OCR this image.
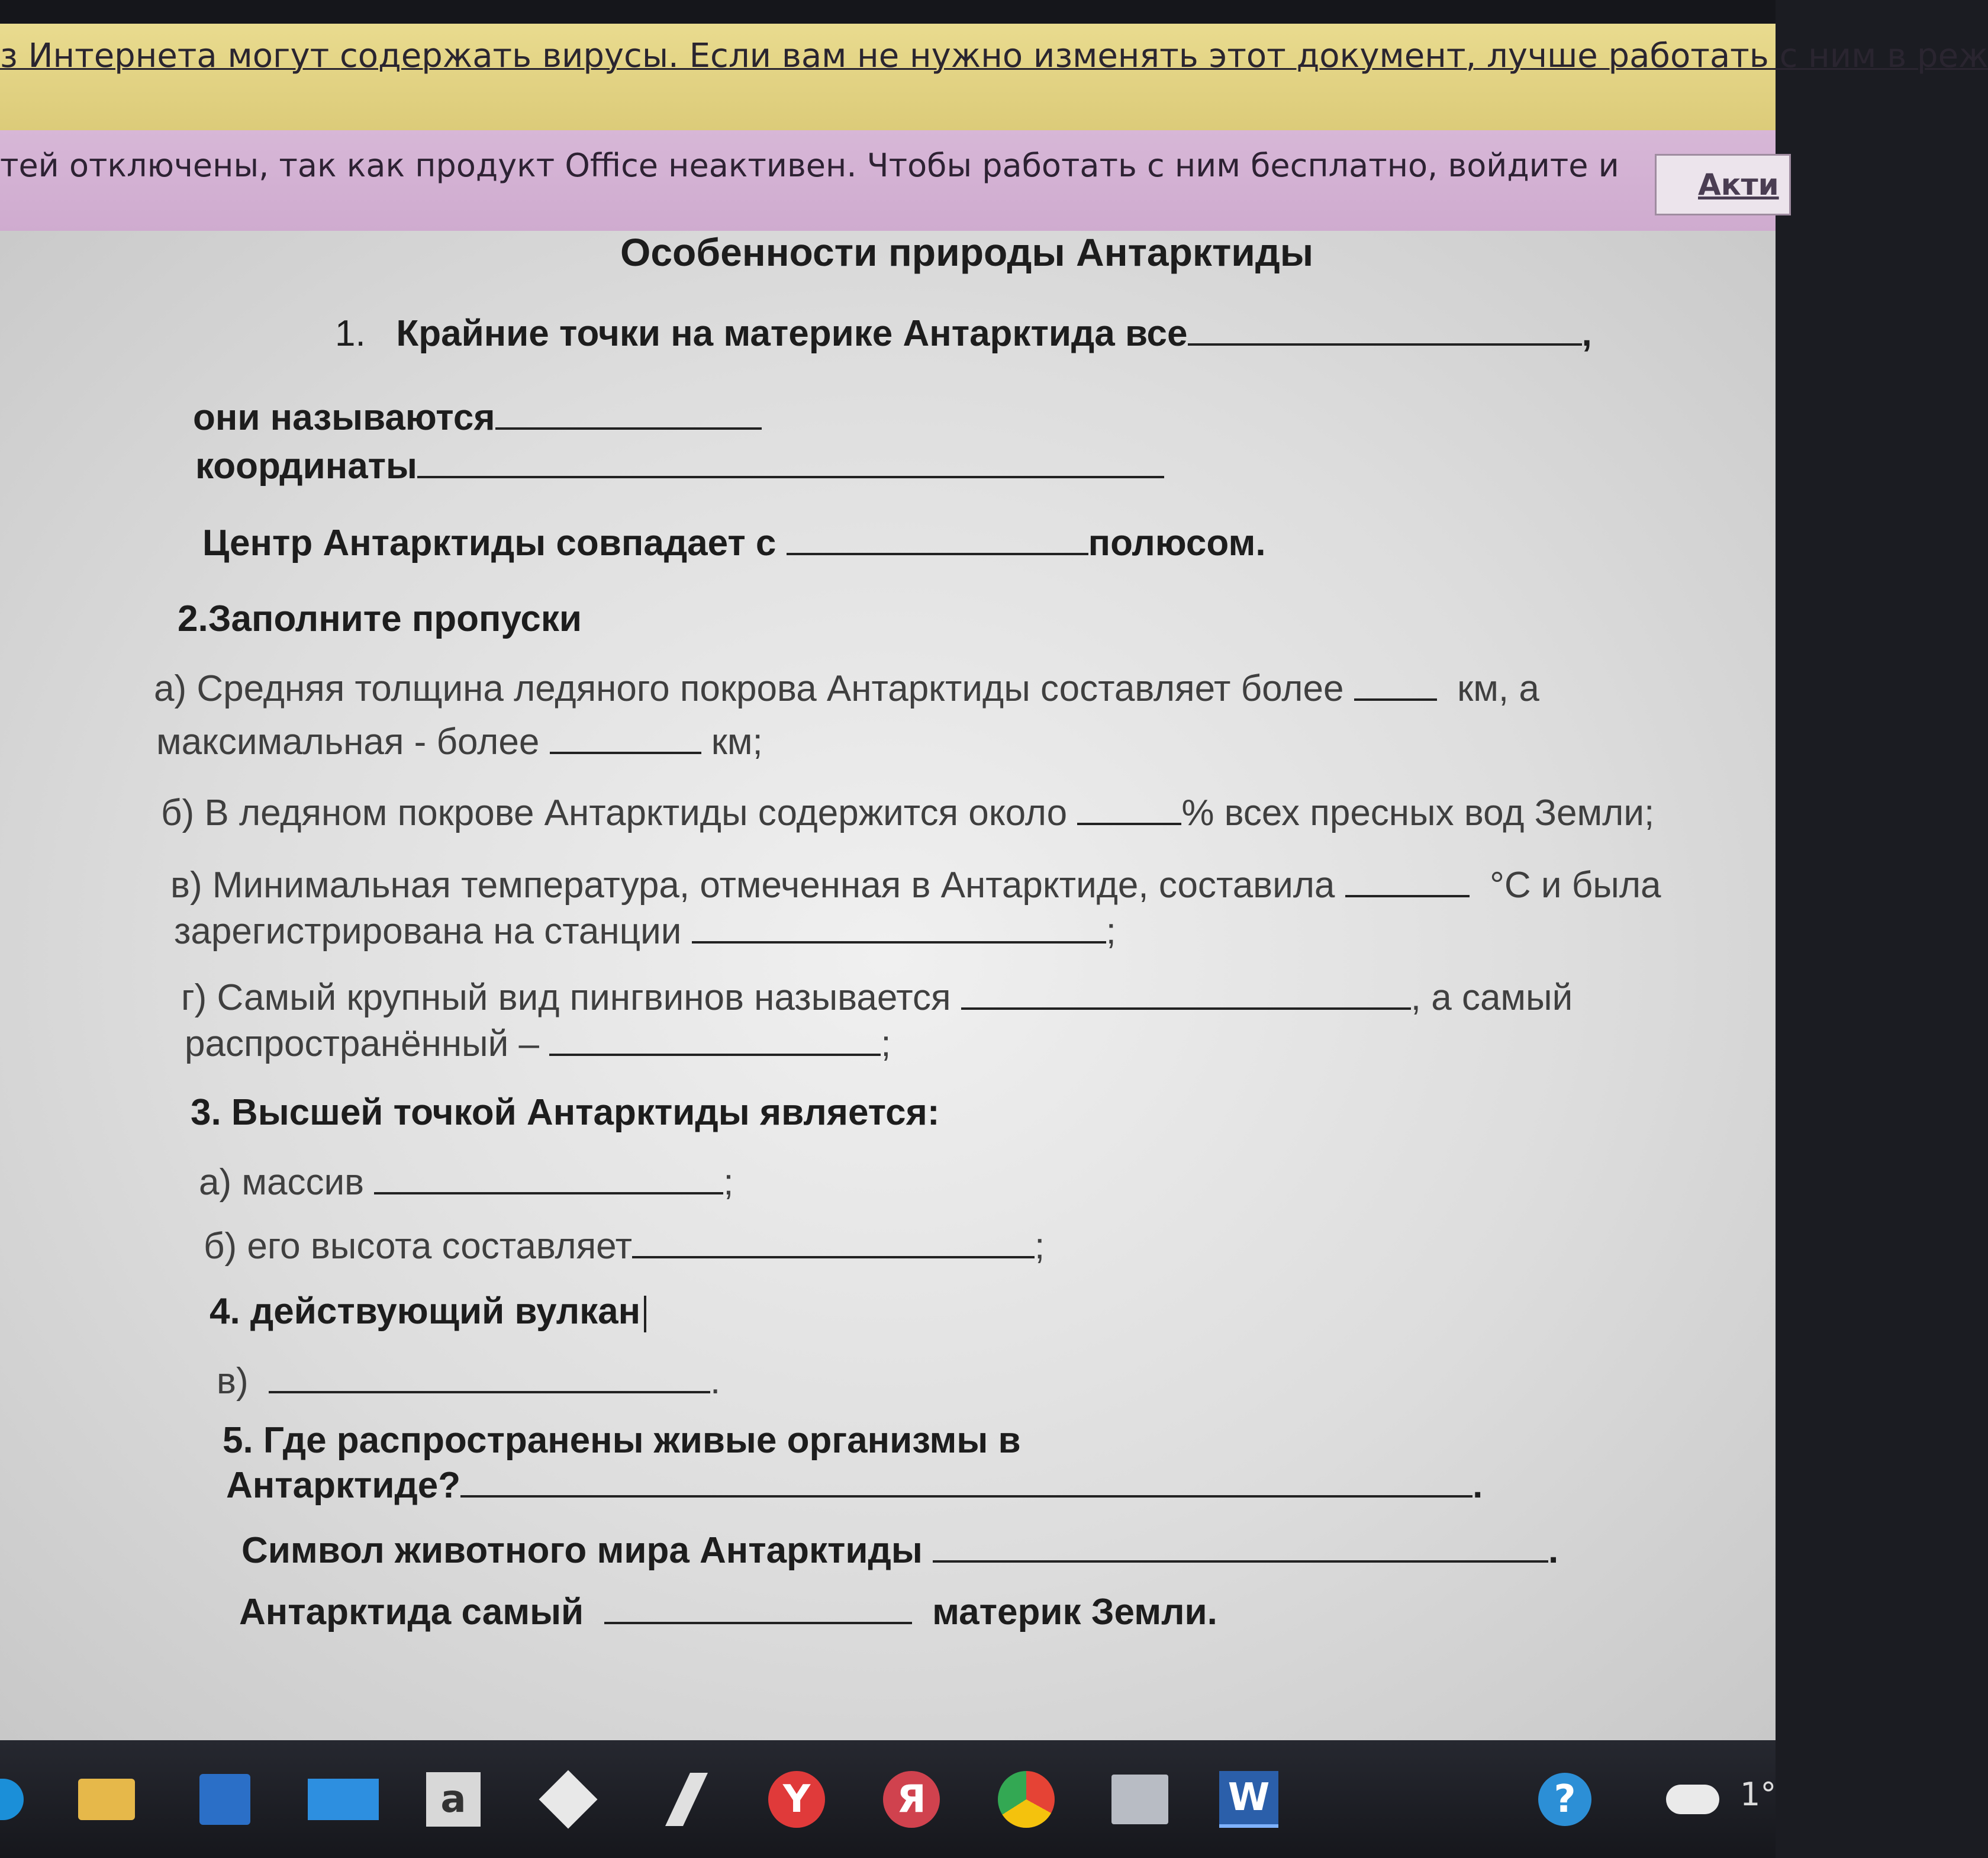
з Интернета могут содержать вирусы. Если вам не нужно изменять этот документ, лучше работать с ним в реж
тей отключены, так как продукт Office неактивен. Чтобы работать с ним бесплатно, войдите и
Акти
Особенности природы Антарктиды
1. Крайние точки на материке Антарктида все	,
они называются
координаты
Центр Антарктиды совпадает с	полюсом.
2.Заполните пропуски
а) Средняя толщина ледяного покрова Антарктиды составляет более	км, а
максимальная - более	км;
б) В ледяном покрове Антарктиды содержится около	% всех пресных вод Земли;
в) Минимальная температура, отмеченная в Антарктиде, составила	°С и была
зарегистрирована на станции	;
г) Самый крупный вид пингвинов называется	, а самый
распространённый –	;
3. Высшей точкой Антарктиды является:
а) массив	;
б) его высота составляет	;
4. действующий вулкан
в)	.
5. Где распространены живые организмы в
Антарктиде?	.
Символ животного мира Антарктиды	.
Антарктида самый	материк Земли.
a	Y	Я	W	?	1°
